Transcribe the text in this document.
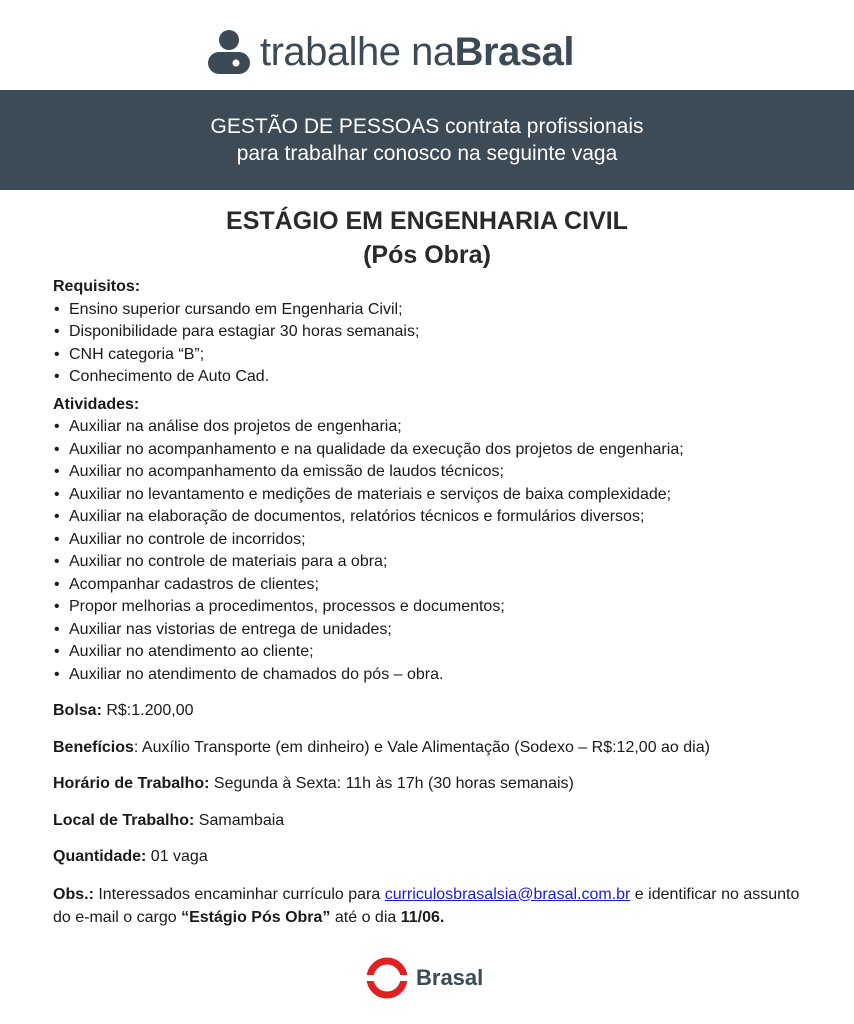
trabalhe naBrasal
GESTÃO DE PESSOAS contrata profissionais
para trabalhar conosco na seguinte vaga
ESTÁGIO EM ENGENHARIA CIVIL
(Pós Obra)
Requisitos:
• Ensino superior cursando em Engenharia Civil;
• Disponibilidade para estagiar 30 horas semanais;
• CNH categoria “B”;
• Conhecimento de Auto Cad.
Atividades:
• Auxiliar na análise dos projetos de engenharia;
• Auxiliar no acompanhamento e na qualidade da execução dos projetos de engenharia;
• Auxiliar no acompanhamento da emissão de laudos técnicos;
• Auxiliar no levantamento e medições de materiais e serviços de baixa complexidade;
• Auxiliar na elaboração de documentos, relatórios técnicos e formulários diversos;
• Auxiliar no controle de incorridos;
• Auxiliar no controle de materiais para a obra;
• Acompanhar cadastros de clientes;
• Propor melhorias a procedimentos, processos e documentos;
• Auxiliar nas vistorias de entrega de unidades;
• Auxiliar no atendimento ao cliente;
• Auxiliar no atendimento de chamados do pós – obra.
Bolsa: R$:1.200,00
Benefícios: Auxílio Transporte (em dinheiro) e Vale Alimentação (Sodexo – R$:12,00 ao dia)
Horário de Trabalho: Segunda à Sexta: 11h às 17h (30 horas semanais)
Local de Trabalho: Samambaia
Quantidade: 01 vaga
Obs.: Interessados encaminhar currículo para curriculosbrasalsia@brasal.com.br e identificar no assunto do e-mail o cargo “Estágio Pós Obra” até o dia 11/06.
Brasal
